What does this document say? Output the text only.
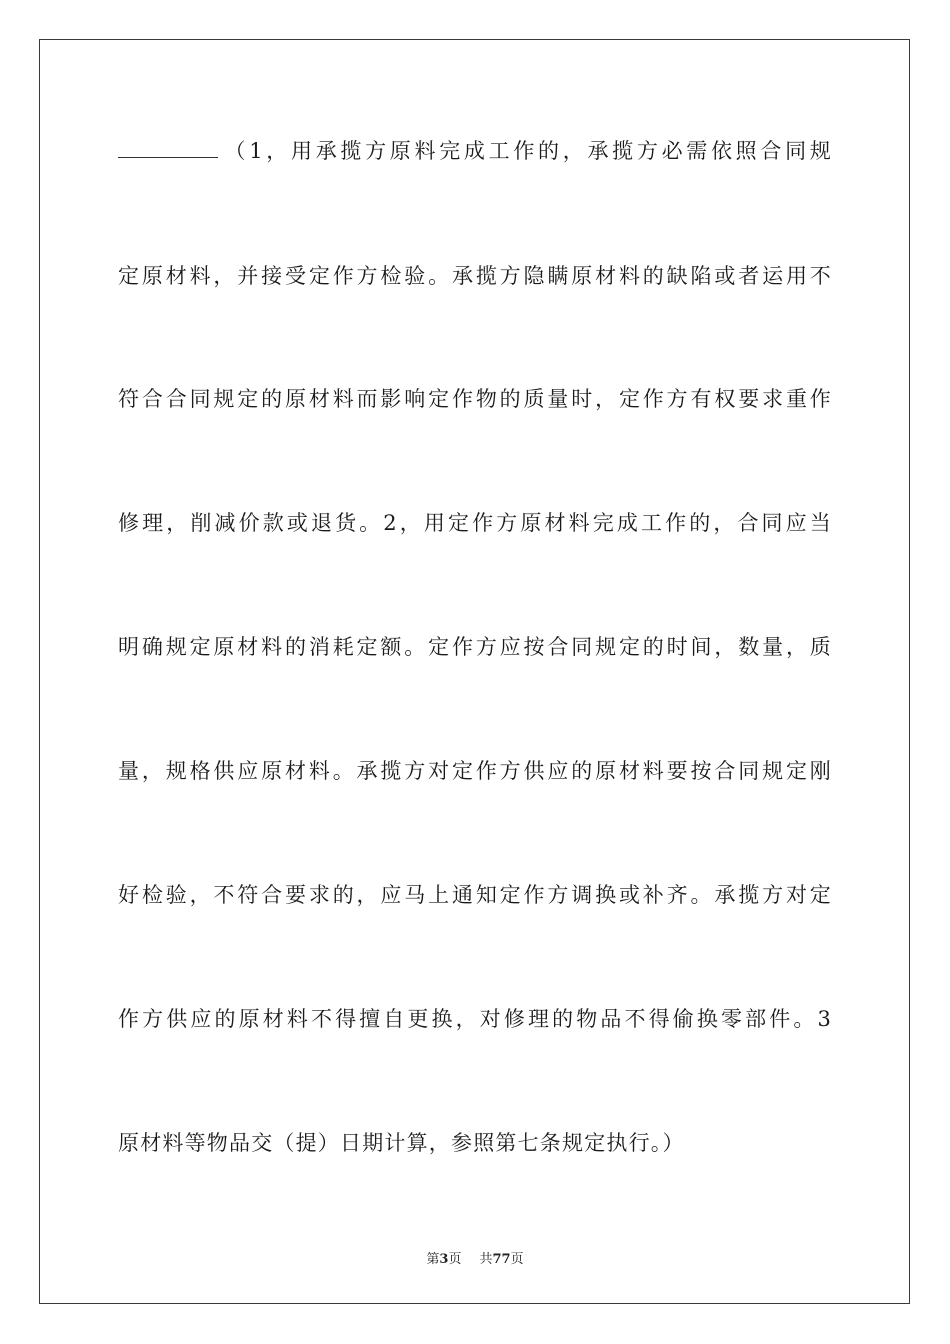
（1，用承揽方原料完成工作的，承揽方必需依照合同规
定原材料，并接受定作方检验。承揽方隐瞒原材料的缺陷或者运用不
符合合同规定的原材料而影响定作物的质量时，定作方有权要求重作
修理，削减价款或退货。2，用定作方原材料完成工作的，合同应当
明确规定原材料的消耗定额。定作方应按合同规定的时间，数量，质
量，规格供应原材料。承揽方对定作方供应的原材料要按合同规定刚
好检验，不符合要求的，应马上通知定作方调换或补齐。承揽方对定
作方供应的原材料不得擅自更换，对修理的物品不得偷换零部件。3
原材料等物品交（提）日期计算，参照第七条规定执行。）
第3页 共77页
